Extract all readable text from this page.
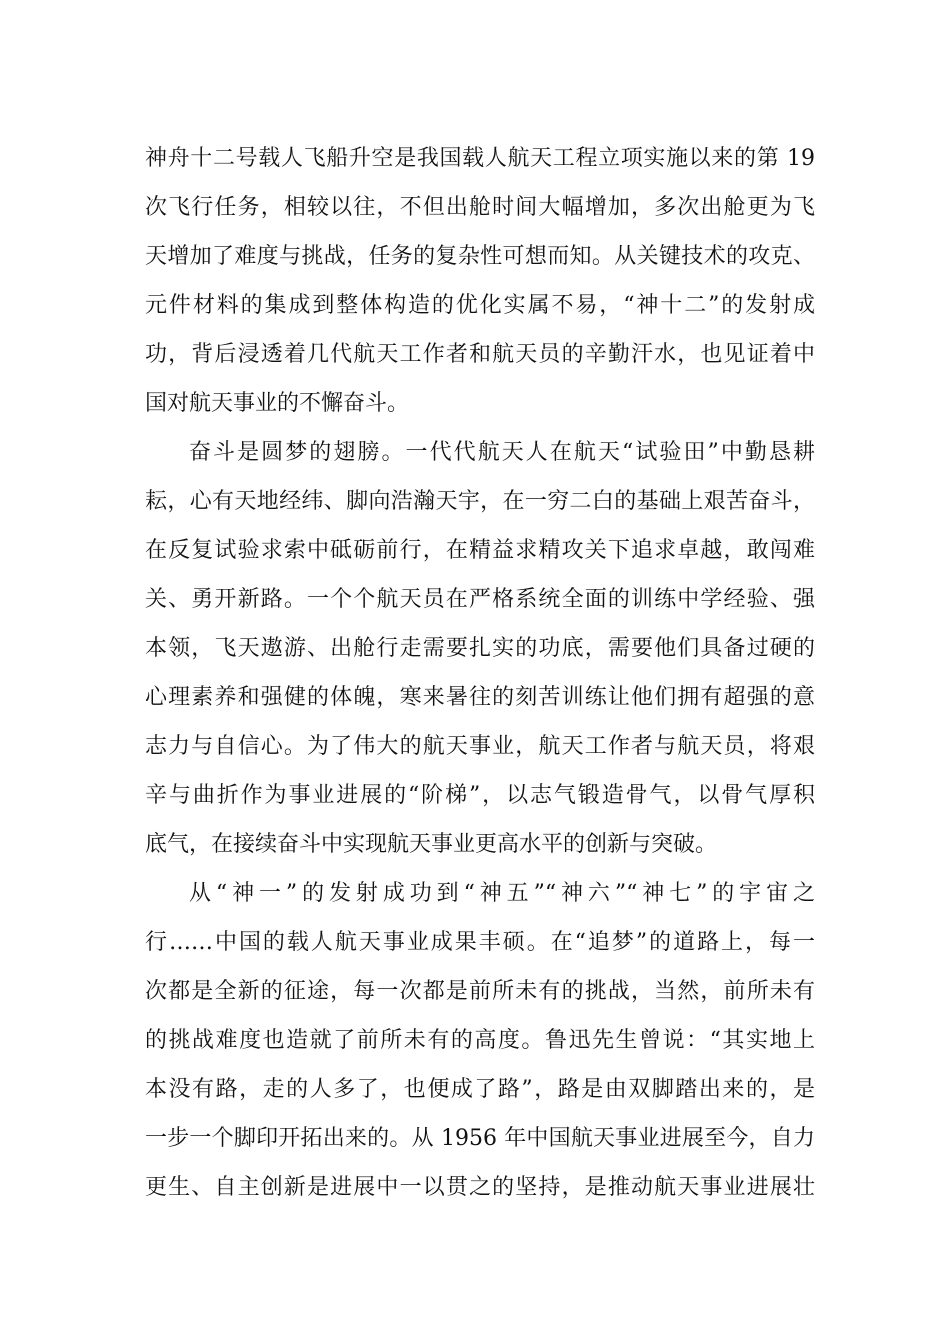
神舟十二号载人飞船升空是我国载人航天工程立项实施以来的第 19
次飞行任务，相较以往，不但出舱时间大幅增加，多次出舱更为飞
天增加了难度与挑战，任务的复杂性可想而知。从关键技术的攻克、
元件材料的集成到整体构造的优化实属不易，“神十二”的发射成
功，背后浸透着几代航天工作者和航天员的辛勤汗水，也见证着中
国对航天事业的不懈奋斗。
奋斗是圆梦的翅膀。一代代航天人在航天“试验田”中勤恳耕
耘，心有天地经纬、脚向浩瀚天宇，在一穷二白的基础上艰苦奋斗，
在反复试验求索中砥砺前行，在精益求精攻关下追求卓越，敢闯难
关、勇开新路。一个个航天员在严格系统全面的训练中学经验、强
本领，飞天遨游、出舱行走需要扎实的功底，需要他们具备过硬的
心理素养和强健的体魄，寒来暑往的刻苦训练让他们拥有超强的意
志力与自信心。为了伟大的航天事业，航天工作者与航天员，将艰
辛与曲折作为事业进展的“阶梯”，以志气锻造骨气，以骨气厚积
底气，在接续奋斗中实现航天事业更高水平的创新与突破。
从“神一”的发射成功到“神五”“神六”“神七”的宇宙之
行……中国的载人航天事业成果丰硕。在“追梦”的道路上，每一
次都是全新的征途，每一次都是前所未有的挑战，当然，前所未有
的挑战难度也造就了前所未有的高度。鲁迅先生曾说：“其实地上
本没有路，走的人多了，也便成了路”，路是由双脚踏出来的，是
一步一个脚印开拓出来的。从 1956 年中国航天事业进展至今，自力
更生、自主创新是进展中一以贯之的坚持，是推动航天事业进展壮
